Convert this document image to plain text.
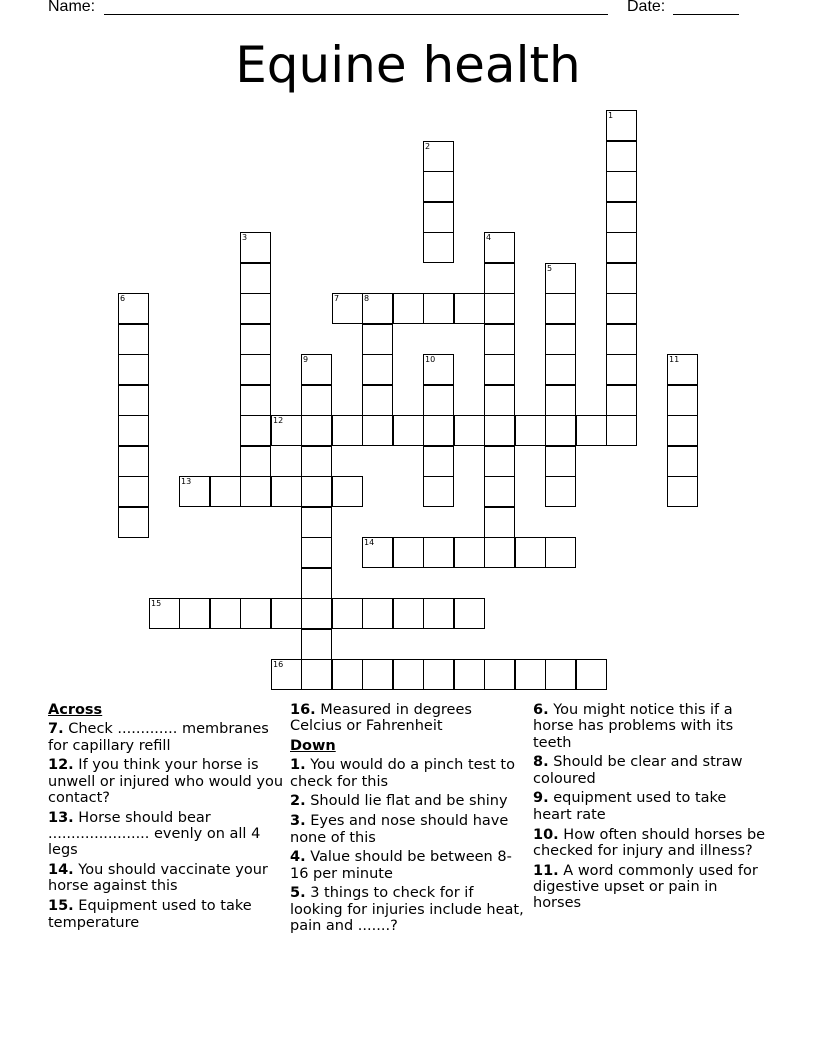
Name:	Date:
Equine health
1
2
3	4
5
6	7	8
9	10	11
12
13
14
15
16
Across
7. Check ............. membranes for capillary refill
12. If you think your horse is unwell or injured who would you contact?
13. Horse should bear ...................... evenly on all 4 legs
14. You should vaccinate your horse against this
15. Equipment used to take temperature
16. Measured in degrees Celcius or Fahrenheit
Down
1. You would do a pinch test to check for this
2. Should lie flat and be shiny
3. Eyes and nose should have none of this
4. Value should be between 8-16 per minute
5. 3 things to check for if looking for injuries include heat, pain and .......?
6. You might notice this if a horse has problems with its teeth
8. Should be clear and straw coloured
9. equipment used to take heart rate
10. How often should horses be checked for injury and illness?
11. A word commonly used for digestive upset or pain in horses
